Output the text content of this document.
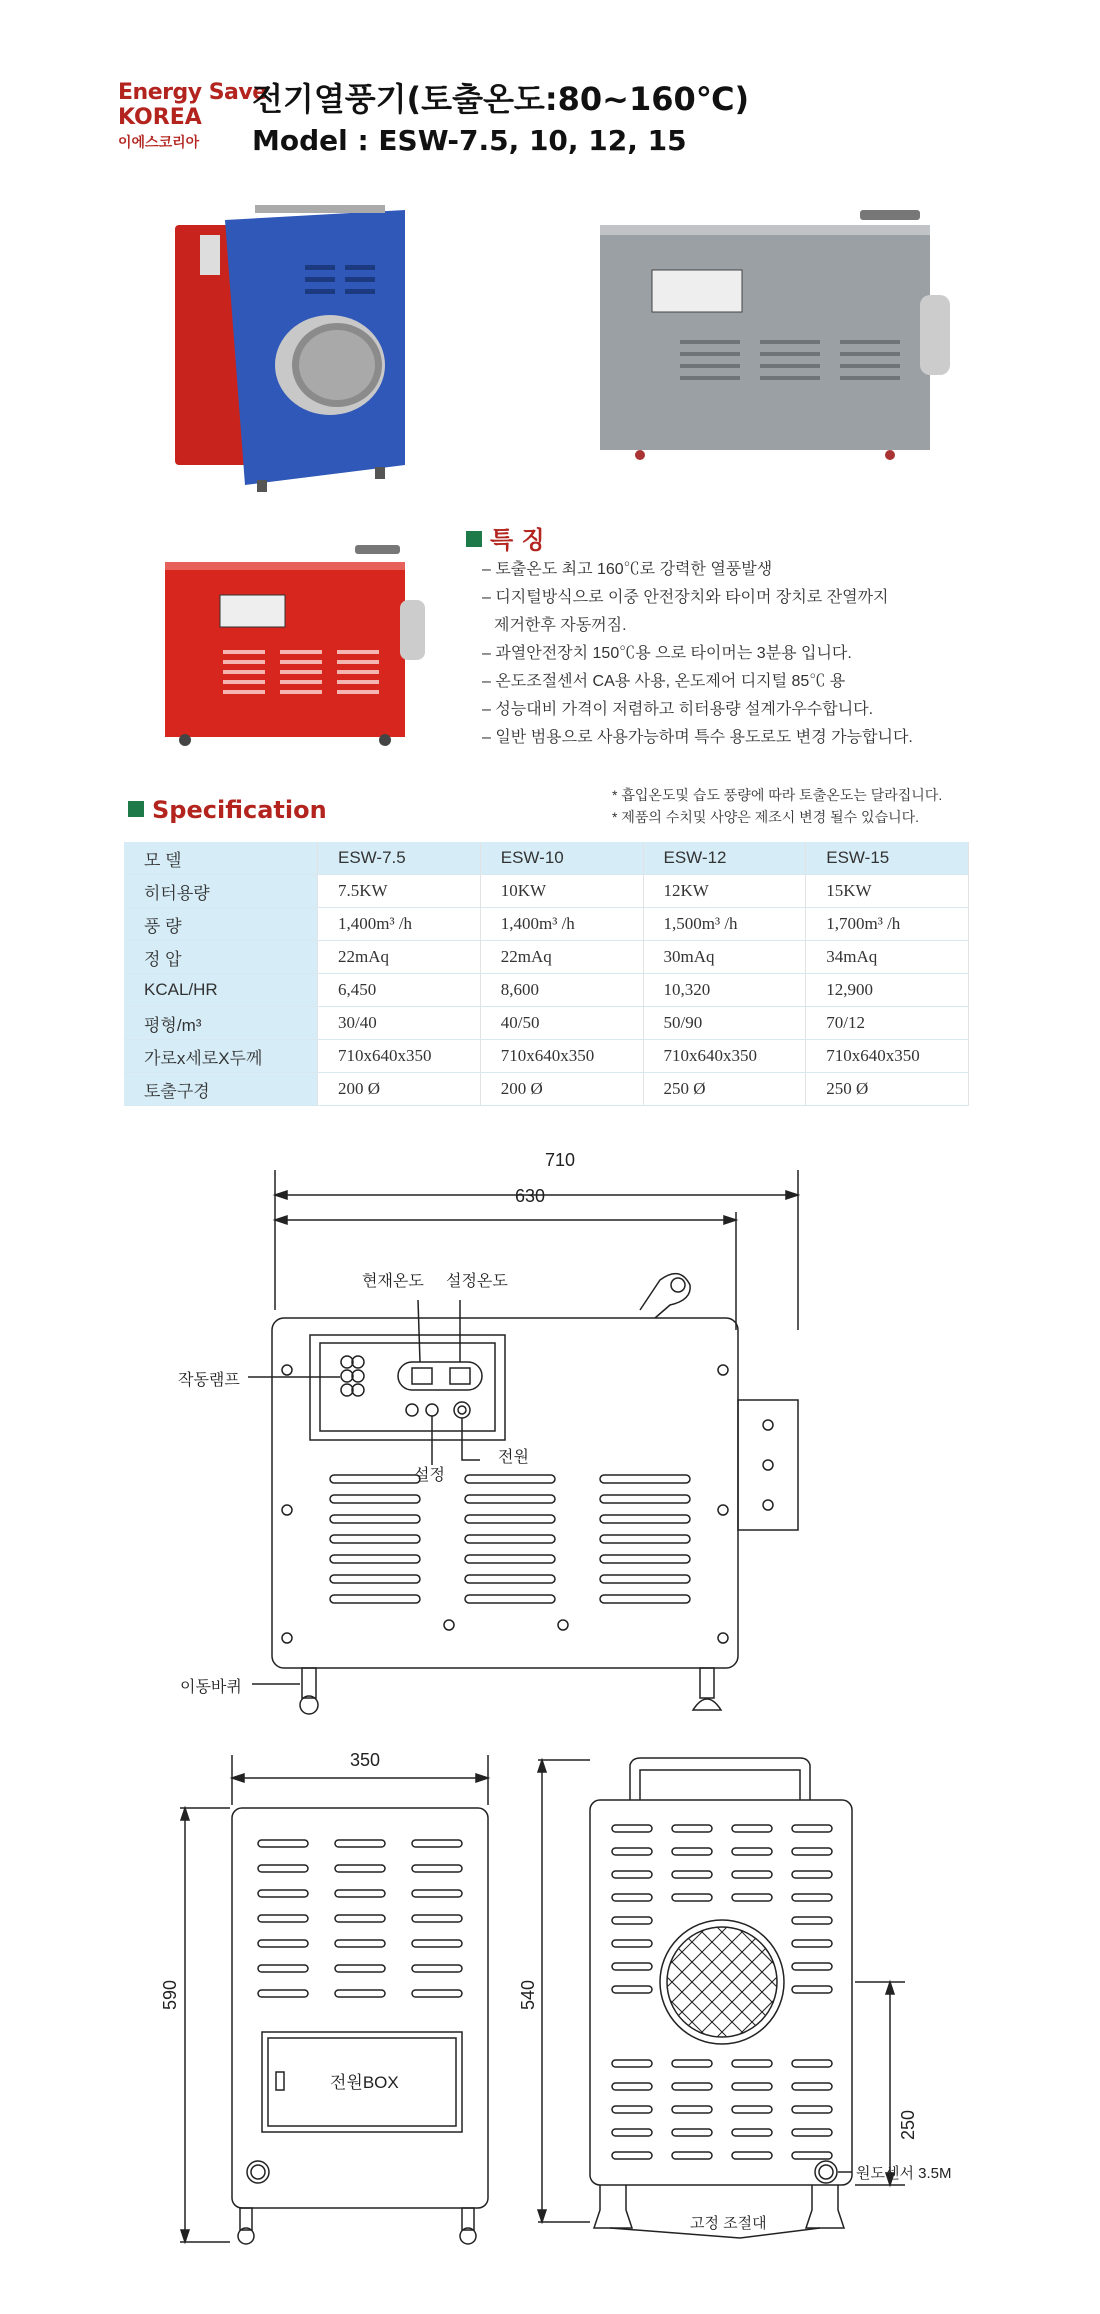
Energy Save
KOREA
이에스코리아
전기열풍기(토출온도:80~160℃)
Model : ESW-7.5, 10, 12, 15
특 징
– 토출온도 최고 160℃로 강력한 열풍발생
– 디지털방식으로 이중 안전장치와 타이머 장치로 잔열까지
제거한후 자동꺼짐.
– 과열안전장치 150℃용 으로 타이머는 3분용 입니다.
– 온도조절센서 CA용 사용, 온도제어 디지털 85℃ 용
– 성능대비 가격이 저렴하고 히터용량 설계가우수합니다.
– 일반 범용으로 사용가능하며 특수 용도로도 변경 가능합니다.
* 흡입온도및 습도 풍량에 따라 토출온도는 달라집니다.
* 제품의 수치및 사양은 제조시 변경 될수 있습니다.
Specification
모 델	ESW-7.5	ESW-10	ESW-12	ESW-15
히터용량	7.5KW	10KW	12KW	15KW
풍 량	1,400m³ /h	1,400m³ /h	1,500m³ /h	1,700m³ /h
정 압	22mAq	22mAq	30mAq	34mAq
KCAL/HR	6,450	8,600	10,320	12,900
평형/m³	30/40	40/50	50/90	70/12
가로x세로X두께	710x640x350	710x640x350	710x640x350	710x640x350
토출구경	200 Ø	200 Ø	250 Ø	250 Ø
710
630
현재온도 설정온도
작동램프
설정
전원
이동바퀴
350
590	540
250
전원BOX
원도센서 3.5M
고정 조절대
